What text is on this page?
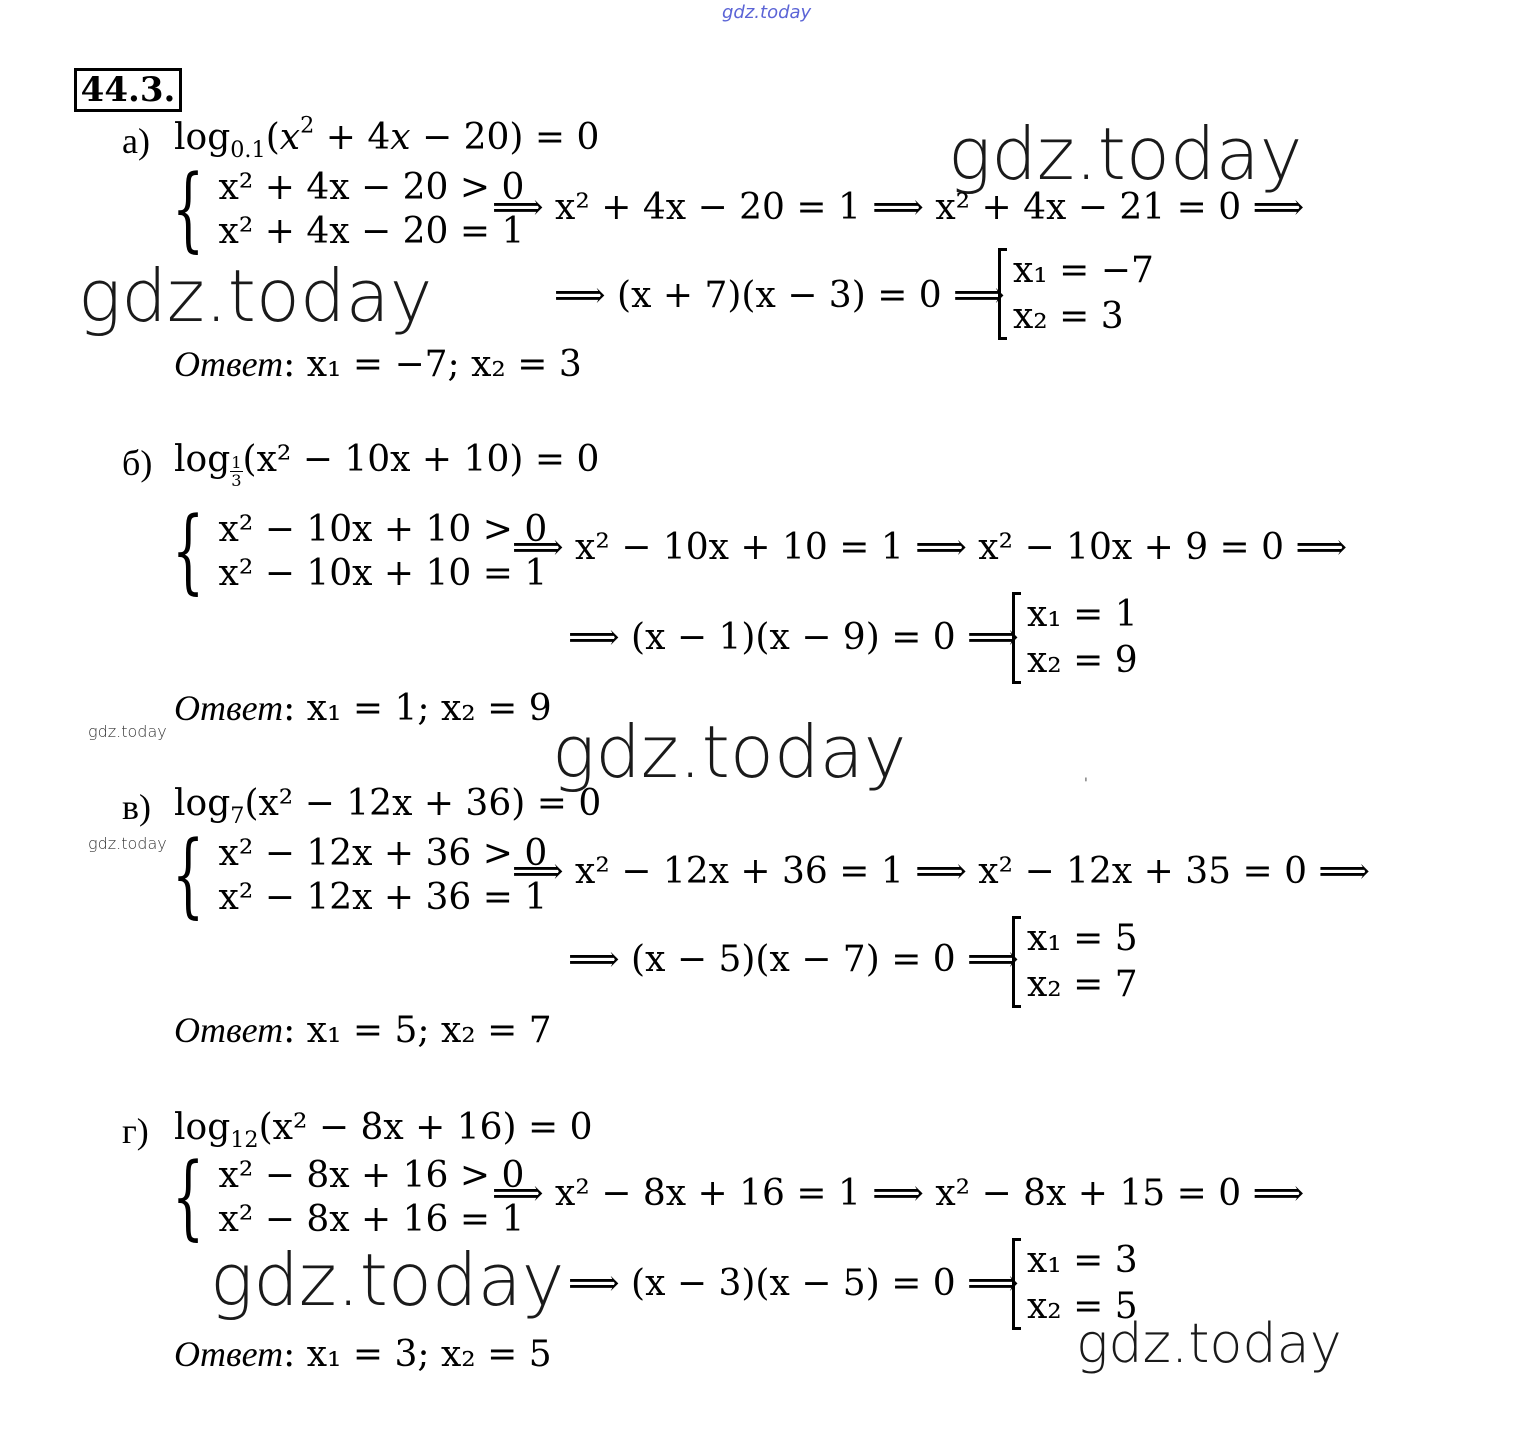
gdz.today
gdz.today
gdz.today
gdz.today	gdz.today
gdz.today
gdz.today
gdz.today
'
44.3.
а) $\log_{0.1}(x^2 + 4x - 20) = 0$
{ x² + 4x − 20 > 0
x² + 4x − 20 = 1
⟹ x² + 4x − 20 = 1 ⟹ x² + 4x − 21 = 0 ⟹
⟹ (x + 7)(x − 3) = 0 ⟹
x₁ = −7
x₂ = 3
Ответ: x₁ = −7; x₂ = 3
б) $\log \frac{1}{3} (x^2 - 10x + 10) = 0$
{ x² − 10x + 10 > 0
x² − 10x + 10 = 1
⟹ x² − 10x + 10 = 1 ⟹ x² − 10x + 9 = 0 ⟹
⟹ (x − 1)(x − 9) = 0 ⟹
x₁ = 1
x₂ = 9
Ответ: x₁ = 1; x₂ = 9
в) $\log_7(x^2 - 12x + 36) = 0$
{ x² − 12x + 36 > 0
x² − 12x + 36 = 1
⟹ x² − 12x + 36 = 1 ⟹ x² − 12x + 35 = 0 ⟹
⟹ (x − 5)(x − 7) = 0 ⟹
x₁ = 5
x₂ = 7
Ответ: x₁ = 5; x₂ = 7
г) $\log_{12}(x^2 - 8x + 16) = 0$
{ x² − 8x + 16 > 0
x² − 8x + 16 = 1
⟹ x² − 8x + 16 = 1 ⟹ x² − 8x + 15 = 0 ⟹
⟹ (x − 3)(x − 5) = 0 ⟹
x₁ = 3
x₂ = 5
Ответ: x₁ = 3; x₂ = 5
